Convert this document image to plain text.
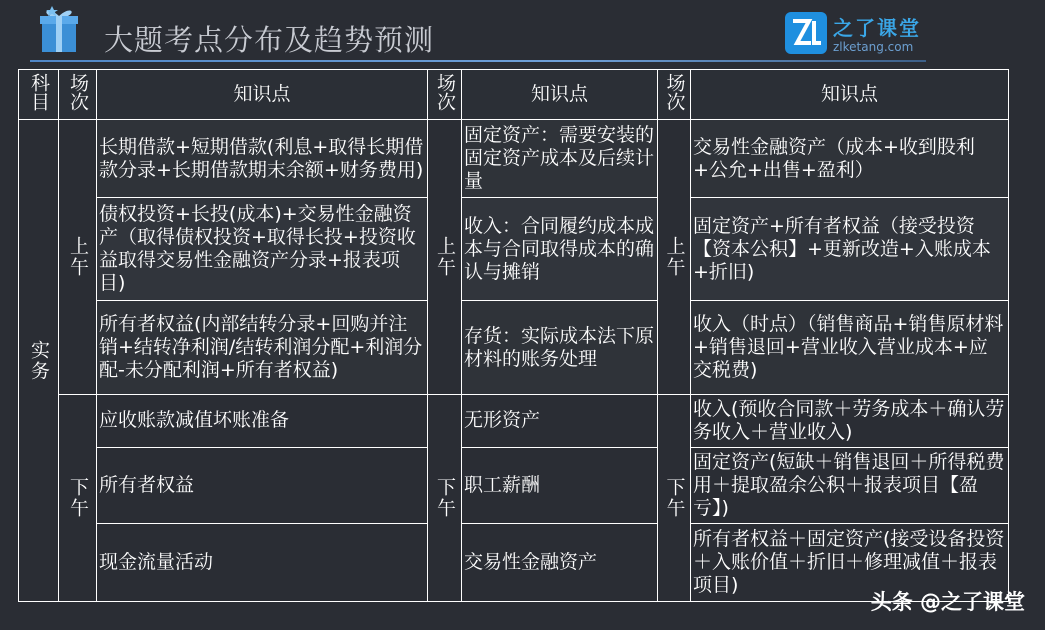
大题考点分布及趋势预测	之了课堂
zlketang.com
科目	场次	知识点	场次	知识点	场次	知识点
实务	上午	长期借款+短期借款(利息+取得长期借款分录+长期借款期末余额+财务费用)	上午	固定资产：需要安装的固定资产成本及后续计量	上午	交易性金融资产（成本+收到股利+公允+出售+盈利）
		债权投资+长投(成本)+交易性金融资产（取得债权投资+取得长投+投资收益取得交易性金融资产分录+报表项目)		收入：合同履约成本成本与合同取得成本的确认与摊销		固定资产+所有者权益（接受投资【资本公积】+更新改造+入账成本+折旧)
		所有者权益(内部结转分录+回购并注销+结转净利润/结转利润分配+利润分配-未分配利润+所有者权益)		存货：实际成本法下原材料的账务处理		收入（时点）（销售商品+销售原材料+销售退回+营业收入营业成本+应交税费)
	下午	应收账款减值坏账准备	下午	无形资产	下午	收入(预收合同款＋劳务成本＋确认劳务收入＋营业收入)
		所有者权益		职工薪酬		固定资产(短缺＋销售退回＋所得税费用＋提取盈余公积＋报表项目【盈亏】)
		现金流量活动		交易性金融资产		所有者权益＋固定资产(接受设备投资＋入账价值＋折旧＋修理减值＋报表项目)
头条 @之了课堂
